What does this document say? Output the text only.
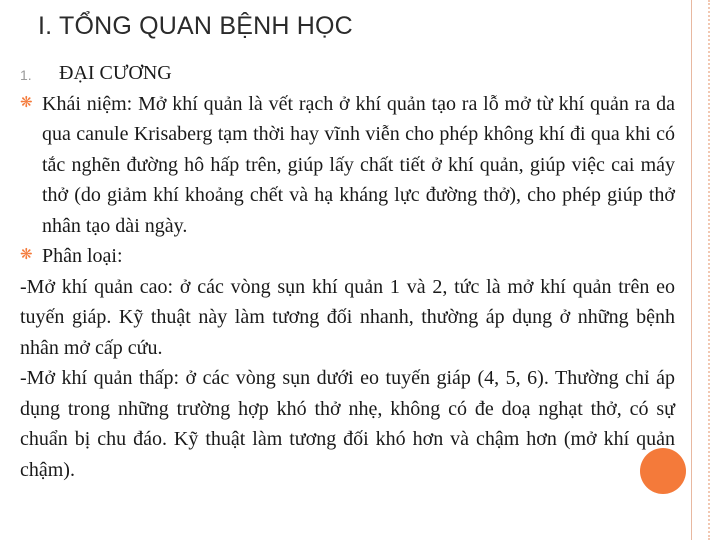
I. TỔNG QUAN BỆNH HỌC
1. ĐẠI CƯƠNG
❋ Khái niệm: Mở khí quản là vết rạch ở khí quản tạo ra lỗ mở từ khí quản ra da qua canule Krisaberg tạm thời hay vĩnh viễn cho phép không khí đi qua khi có tắc nghẽn đường hô hấp trên, giúp lấy chất tiết ở khí quản, giúp việc cai máy thở (do giảm khí khoảng chết và hạ kháng lực đường thở), cho phép giúp thở nhân tạo dài ngày.
❋ Phân loại:
-Mở khí quản cao: ở các vòng sụn khí quản 1 và 2, tức là mở khí quản trên eo tuyến giáp. Kỹ thuật này làm tương đối nhanh, thường áp dụng ở những bệnh nhân mở cấp cứu.
-Mở khí quản thấp: ở các vòng sụn dưới eo tuyến giáp (4, 5, 6). Thường chỉ áp dụng trong những trường hợp khó thở nhẹ, không có đe doạ nghạt thở, có sự chuẩn bị chu đáo. Kỹ thuật làm tương đối khó hơn và chậm hơn (mở khí quản chậm).
